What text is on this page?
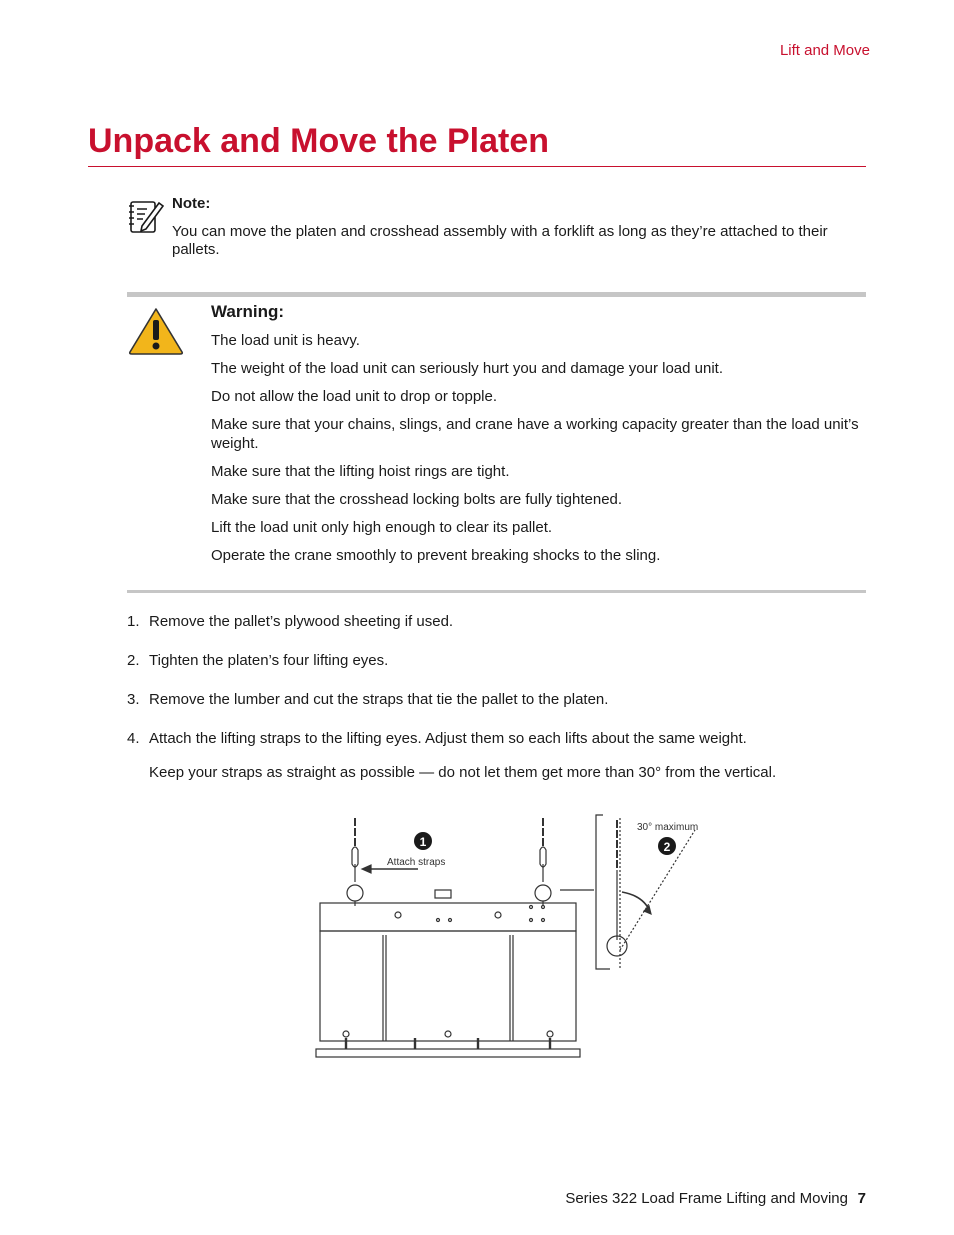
Lift and Move
Unpack and Move the Platen
Note:
You can move the platen and crosshead assembly with a forklift as long as they’re attached to their pallets.
Warning:

The load unit is heavy.

The weight of the load unit can seriously hurt you and damage your load unit.

Do not allow the load unit to drop or topple.

Make sure that your chains, slings, and crane have a working capacity greater than the load unit’s weight.

Make sure that the lifting hoist rings are tight.

Make sure that the crosshead locking bolts are fully tightened.

Lift the load unit only high enough to clear its pallet.

Operate the crane smoothly to prevent breaking shocks to the sling.

1. Remove the pallet’s plywood sheeting if used.
2. Tighten the platen’s four lifting eyes.
3. Remove the lumber and cut the straps that tie the pallet to the platen.
4. Attach the lifting straps to the lifting eyes. Adjust them so each lifts about the same weight.
Keep your straps as straight as possible — do not let them get more than 30° from the vertical.
1
Attach straps
2
30° maximum
Series 322 Load Frame Lifting and Moving 7
